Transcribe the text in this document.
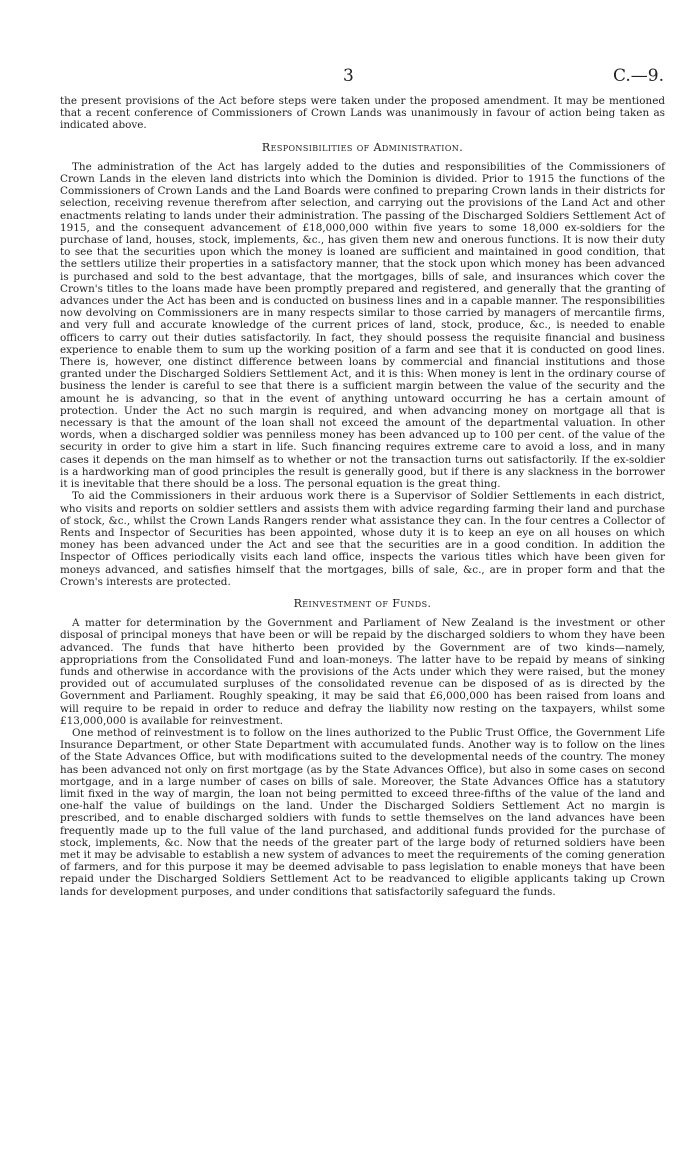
3	C.—9.

the present provisions of the Act before steps were taken under the proposed amendment. It may be mentioned that a recent conference of Commissioners of Crown Lands was unanimously in favour of action being taken as indicated above.

Responsibilities of Administration.

The administration of the Act has largely added to the duties and responsibilities of the Commissioners of Crown Lands in the eleven land districts into which the Dominion is divided. Prior to 1915 the functions of the Commissioners of Crown Lands and the Land Boards were confined to preparing Crown lands in their districts for selection, receiving revenue therefrom after selection, and carrying out the provisions of the Land Act and other enactments relating to lands under their administration. The passing of the Discharged Soldiers Settlement Act of 1915, and the consequent advancement of £18,000,000 within five years to some 18,000 ex-soldiers for the purchase of land, houses, stock, implements, &c., has given them new and onerous functions. It is now their duty to see that the securities upon which the money is loaned are sufficient and maintained in good condition, that the settlers utilize their properties in a satisfactory manner, that the stock upon which money has been advanced is purchased and sold to the best advantage, that the mortgages, bills of sale, and insurances which cover the Crown's titles to the loans made have been promptly prepared and registered, and generally that the granting of advances under the Act has been and is conducted on business lines and in a capable manner. The responsibilities now devolving on Commissioners are in many respects similar to those carried by managers of mercantile firms, and very full and accurate knowledge of the current prices of land, stock, produce, &c., is needed to enable officers to carry out their duties satisfactorily. In fact, they should possess the requisite financial and business experience to enable them to sum up the working position of a farm and see that it is conducted on good lines. There is, however, one distinct difference between loans by commercial and financial institutions and those granted under the Discharged Soldiers Settlement Act, and it is this: When money is lent in the ordinary course of business the lender is careful to see that there is a sufficient margin between the value of the security and the amount he is advancing, so that in the event of anything untoward occurring he has a certain amount of protection. Under the Act no such margin is required, and when advancing money on mortgage all that is necessary is that the amount of the loan shall not exceed the amount of the departmental valuation. In other words, when a discharged soldier was penniless money has been advanced up to 100 per cent. of the value of the security in order to give him a start in life. Such financing requires extreme care to avoid a loss, and in many cases it depends on the man himself as to whether or not the transaction turns out satisfactorily. If the ex-soldier is a hardworking man of good principles the result is generally good, but if there is any slackness in the borrower it is inevitable that there should be a loss. The personal equation is the great thing.

To aid the Commissioners in their arduous work there is a Supervisor of Soldier Settlements in each district, who visits and reports on soldier settlers and assists them with advice regarding farming their land and purchase of stock, &c., whilst the Crown Lands Rangers render what assistance they can. In the four centres a Collector of Rents and Inspector of Securities has been appointed, whose duty it is to keep an eye on all houses on which money has been advanced under the Act and see that the securities are in a good condition. In addition the Inspector of Offices periodically visits each land office, inspects the various titles which have been given for moneys advanced, and satisfies himself that the mortgages, bills of sale, &c., are in proper form and that the Crown's interests are protected.

Reinvestment of Funds.

A matter for determination by the Government and Parliament of New Zealand is the investment or other disposal of principal moneys that have been or will be repaid by the discharged soldiers to whom they have been advanced. The funds that have hitherto been provided by the Government are of two kinds—namely, appropriations from the Consolidated Fund and loan-moneys. The latter have to be repaid by means of sinking funds and otherwise in accordance with the provisions of the Acts under which they were raised, but the money provided out of accumulated surpluses of the consolidated revenue can be disposed of as is directed by the Government and Parliament. Roughly speaking, it may be said that £6,000,000 has been raised from loans and will require to be repaid in order to reduce and defray the liability now resting on the taxpayers, whilst some £13,000,000 is available for reinvestment.

One method of reinvestment is to follow on the lines authorized to the Public Trust Office, the Government Life Insurance Department, or other State Department with accumulated funds. Another way is to follow on the lines of the State Advances Office, but with modifications suited to the developmental needs of the country. The money has been advanced not only on first mortgage (as by the State Advances Office), but also in some cases on second mortgage, and in a large number of cases on bills of sale. Moreover, the State Advances Office has a statutory limit fixed in the way of margin, the loan not being permitted to exceed three-fifths of the value of the land and one-half the value of buildings on the land. Under the Discharged Soldiers Settlement Act no margin is prescribed, and to enable discharged soldiers with funds to settle themselves on the land advances have been frequently made up to the full value of the land purchased, and additional funds provided for the purchase of stock, implements, &c. Now that the needs of the greater part of the large body of returned soldiers have been met it may be advisable to establish a new system of advances to meet the requirements of the coming generation of farmers, and for this purpose it may be deemed advisable to pass legislation to enable moneys that have been repaid under the Discharged Soldiers Settlement Act to be readvanced to eligible applicants taking up Crown lands for development purposes, and under conditions that satisfactorily safeguard the funds.
